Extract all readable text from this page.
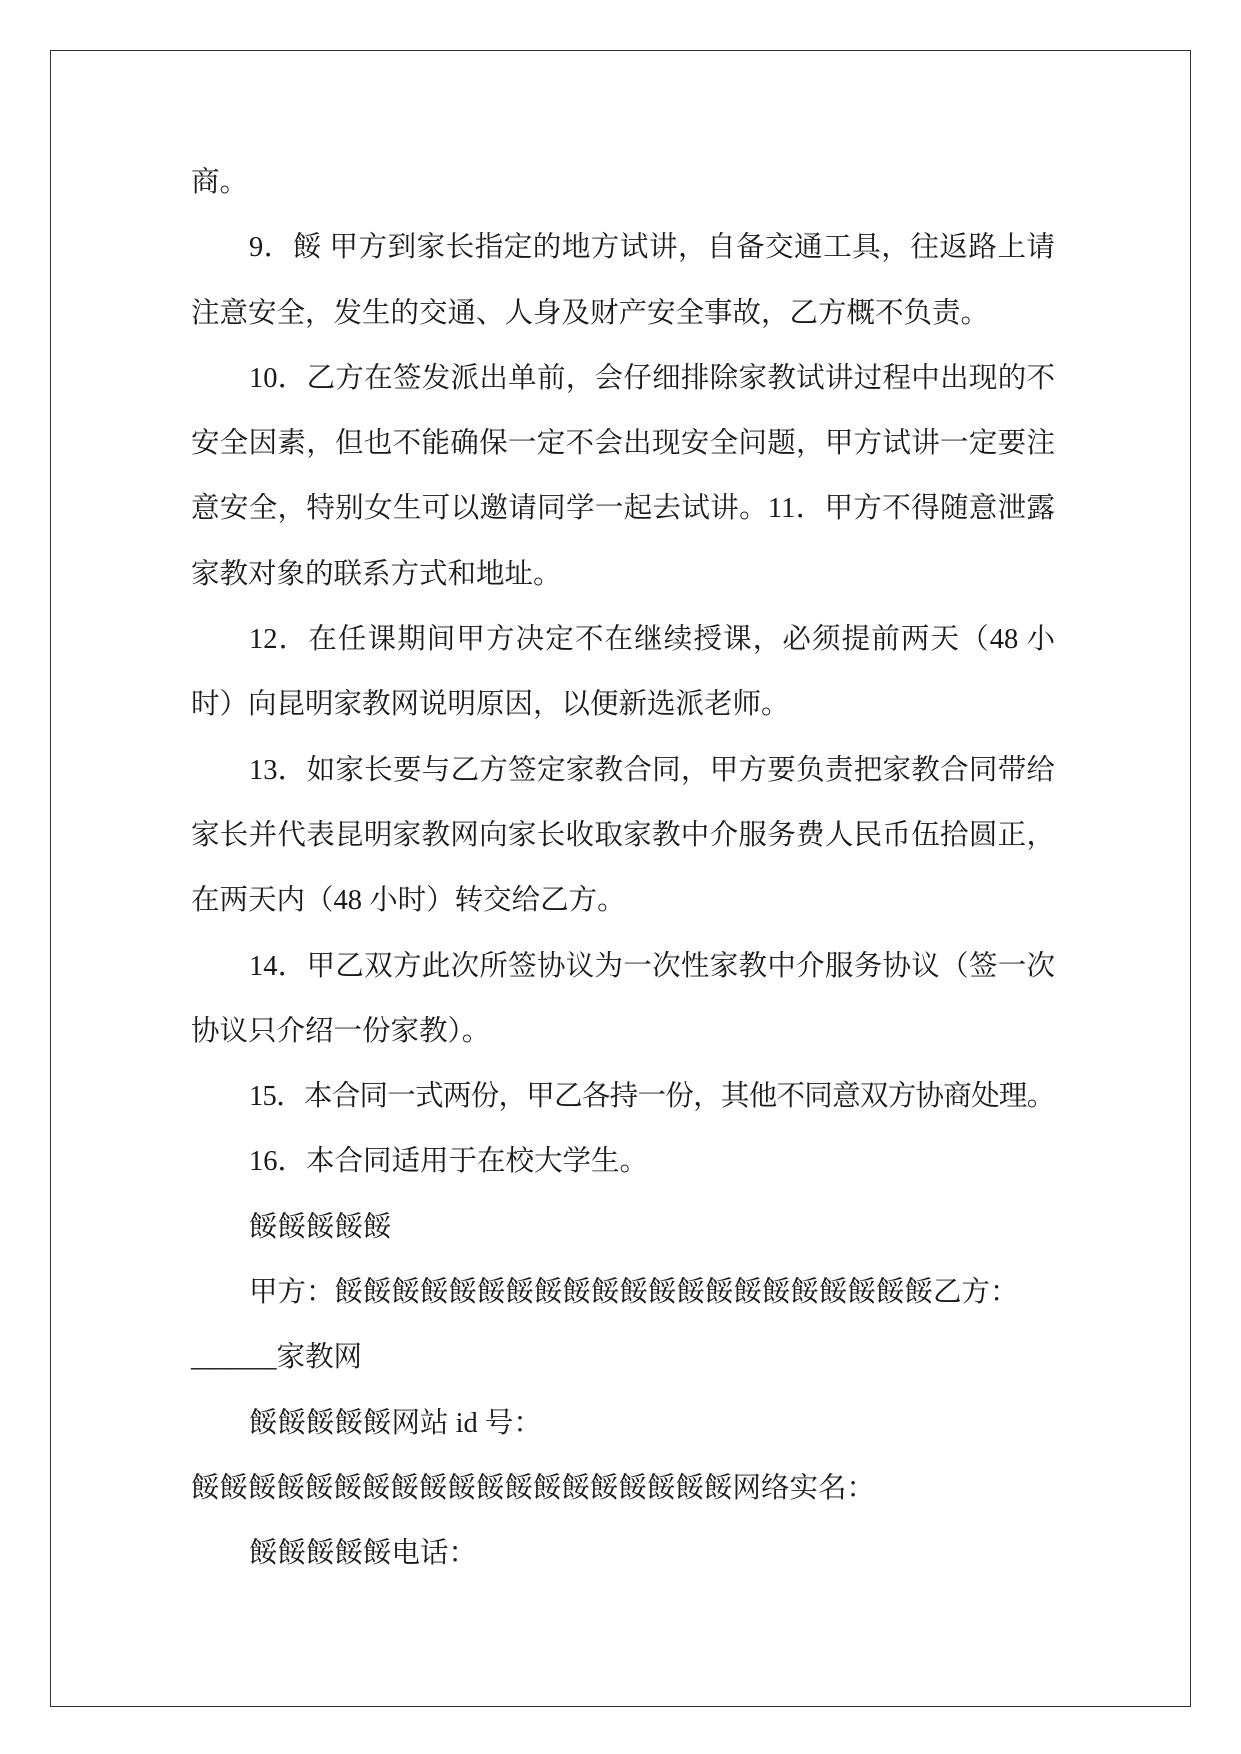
商。
9．餒 甲方到家长指定的地方试讲，自备交通工具，往返路上请
注意安全，发生的交通、人身及财产安全事故，乙方概不负责。
10．乙方在签发派出单前，会仔细排除家教试讲过程中出现的不
安全因素，但也不能确保一定不会出现安全问题，甲方试讲一定要注
意安全，特别女生可以邀请同学一起去试讲。11．甲方不得随意泄露
家教对象的联系方式和地址。
12．在任课期间甲方决定不在继续授课，必须提前两天（48 小
时）向昆明家教网说明原因，以便新选派老师。
13．如家长要与乙方签定家教合同，甲方要负责把家教合同带给
家长并代表昆明家教网向家长收取家教中介服务费人民币伍拾圆正，
在两天内（48 小时）转交给乙方。
14．甲乙双方此次所签协议为一次性家教中介服务协议（签一次
协议只介绍一份家教）。
15．本合同一式两份，甲乙各持一份，其他不同意双方协商处理。
16．本合同适用于在校大学生。
餒餒餒餒餒
甲方：餒餒餒餒餒餒餒餒餒餒餒餒餒餒餒餒餒餒餒餒餒乙方：
______家教网
餒餒餒餒餒网站 id 号：
餒餒餒餒餒餒餒餒餒餒餒餒餒餒餒餒餒餒餒网络实名：
餒餒餒餒餒电话：
